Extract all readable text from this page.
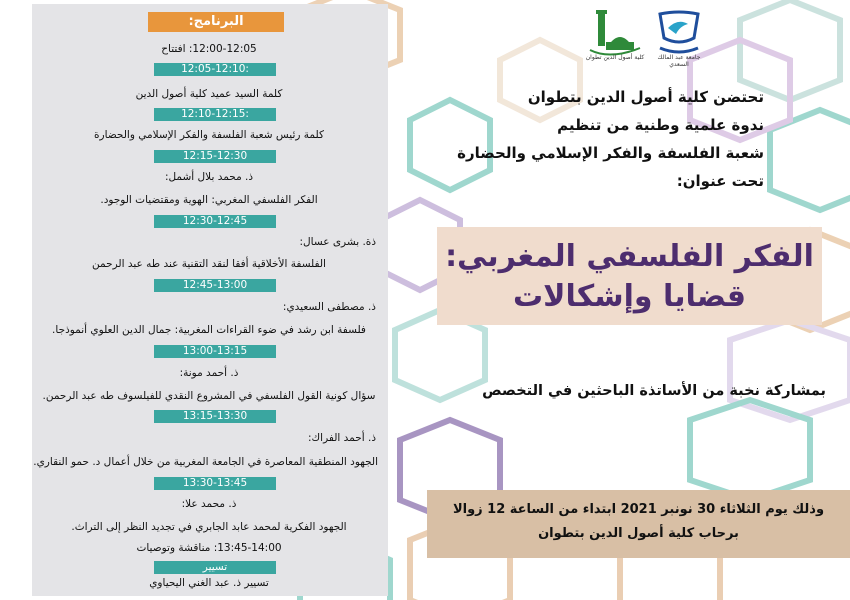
البرنامج:
12:00-12:05: افتتاح
12:05-12:10:
كلمة السيد عميد كلية أصول الدين
12:10-12:15:
كلمة رئيس شعبة الفلسفة والفكر الإسلامي والحضارة
12:15-12:30
ذ. محمد بلال أشمل:
الفكر الفلسفي المغربي: الهوية ومقتضيات الوجود.
12:30-12:45
ذة. بشرى عسال:
الفلسفة الأخلاقية أفقا لنقد التقنية عند طه عبد الرحمن
12:45-13:00
ذ. مصطفى السعيدي:
فلسفة ابن رشد في ضوء القراءات المغربية: جمال الدين العلوي أنموذجا.
13:00-13:15
ذ. أحمد مونة:
سؤال كونية القول الفلسفي في المشروع النقدي للفيلسوف طه عبد الرحمن.
13:15-13:30
ذ. أحمد الفراك:
الجهود المنطقية المعاصرة في الجامعة المغربية من خلال أعمال د. حمو النقاري.
13:30-13:45
ذ. محمد علا:
الجهود الفكرية لمحمد عابد الجابري في تجديد النظر إلى التراث.
13:45-14:00: مناقشة وتوصيات
تسيير
تسيير ذ. عبد الغني اليحياوي
كلية أصول الدين تطوان	جامعة عبد المالك السعدي
تحتضن كلية أصول الدين بتطوان
ندوة علمية وطنية من تنظيم
شعبة الفلسفة والفكر الإسلامي والحضارة
تحت عنوان:
الفكر الفلسفي المغربي:
قضايا وإشكالات
بمشاركة نخبة من الأساتذة الباحثين في التخصص
وذلك يوم الثلاثاء 30 نونبر 2021 ابتداء من الساعة 12 زوالا
برحاب كلية أصول الدين بتطوان
